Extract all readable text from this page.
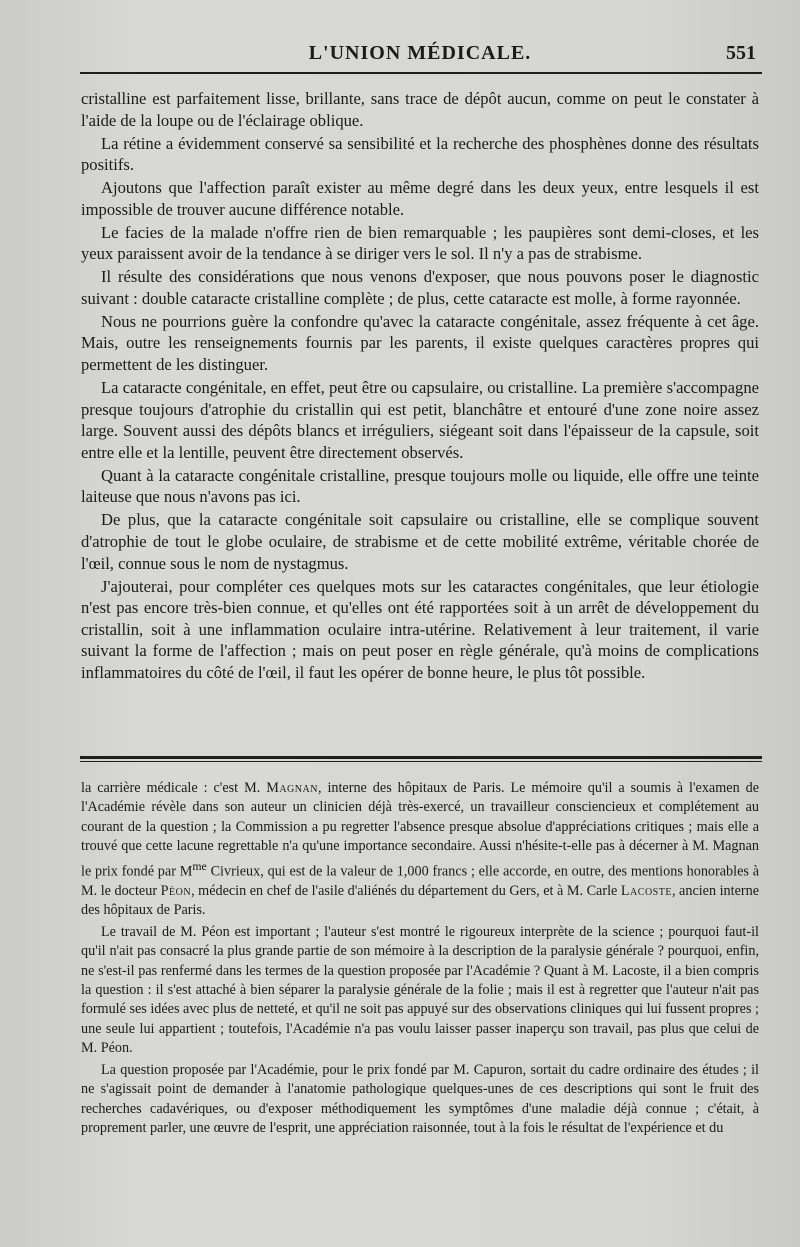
L'UNION MÉDICALE.	551

cristalline est parfaitement lisse, brillante, sans trace de dépôt aucun, comme on peut le constater à l'aide de la loupe ou de l'éclairage oblique.

La rétine a évidemment conservé sa sensibilité et la recherche des phosphènes donne des résultats positifs.

Ajoutons que l'affection paraît exister au même degré dans les deux yeux, entre lesquels il est impossible de trouver aucune différence notable.

Le facies de la malade n'offre rien de bien remarquable ; les paupières sont demi-closes, et les yeux paraissent avoir de la tendance à se diriger vers le sol. Il n'y a pas de strabisme.

Il résulte des considérations que nous venons d'exposer, que nous pouvons poser le diagnostic suivant : double cataracte cristalline complète ; de plus, cette cataracte est molle, à forme rayonnée.

Nous ne pourrions guère la confondre qu'avec la cataracte congénitale, assez fréquente à cet âge. Mais, outre les renseignements fournis par les parents, il existe quelques caractères propres qui permettent de les distinguer.

La cataracte congénitale, en effet, peut être ou capsulaire, ou cristalline. La première s'accompagne presque toujours d'atrophie du cristallin qui est petit, blanchâtre et entouré d'une zone noire assez large. Souvent aussi des dépôts blancs et irréguliers, siégeant soit dans l'épaisseur de la capsule, soit entre elle et la lentille, peuvent être directement observés.

Quant à la cataracte congénitale cristalline, presque toujours molle ou liquide, elle offre une teinte laiteuse que nous n'avons pas ici.

De plus, que la cataracte congénitale soit capsulaire ou cristalline, elle se complique souvent d'atrophie de tout le globe oculaire, de strabisme et de cette mobilité extrême, véritable chorée de l'œil, connue sous le nom de nystagmus.

J'ajouterai, pour compléter ces quelques mots sur les cataractes congénitales, que leur étiologie n'est pas encore très-bien connue, et qu'elles ont été rapportées soit à un arrêt de développement du cristallin, soit à une inflammation oculaire intra-utérine. Relativement à leur traitement, il varie suivant la forme de l'affection ; mais on peut poser en règle générale, qu'à moins de complications inflammatoires du côté de l'œil, il faut les opérer de bonne heure, le plus tôt possible.

la carrière médicale : c'est M. Magnan, interne des hôpitaux de Paris. Le mémoire qu'il a soumis à l'examen de l'Académie révèle dans son auteur un clinicien déjà très-exercé, un travailleur consciencieux et complétement au courant de la question ; la Commission a pu regretter l'absence presque absolue d'appréciations critiques ; mais elle a trouvé que cette lacune regrettable n'a qu'une importance secondaire. Aussi n'hésite-t-elle pas à décerner à M. Magnan le prix fondé par $M^{me}$ Civrieux, qui est de la valeur de 1,000 francs ; elle accorde, en outre, des mentions honorables à M. le docteur Péon, médecin en chef de l'asile d'aliénés du département du Gers, et à M. Carle Lacoste, ancien interne des hôpitaux de Paris.

Le travail de M. Péon est important ; l'auteur s'est montré le rigoureux interprète de la science ; pourquoi faut-il qu'il n'ait pas consacré la plus grande partie de son mémoire à la description de la paralysie générale ? pourquoi, enfin, ne s'est-il pas renfermé dans les termes de la question proposée par l'Académie ? Quant à M. Lacoste, il a bien compris la question : il s'est attaché à bien séparer la paralysie générale de la folie ; mais il est à regretter que l'auteur n'ait pas formulé ses idées avec plus de netteté, et qu'il ne soit pas appuyé sur des observations cliniques qui lui fussent propres ; une seule lui appartient ; toutefois, l'Académie n'a pas voulu laisser passer inaperçu son travail, pas plus que celui de M. Péon.

La question proposée par l'Académie, pour le prix fondé par M. Capuron, sortait du cadre ordinaire des études ; il ne s'agissait point de demander à l'anatomie pathologique quelques-unes de ces descriptions qui sont le fruit des recherches cadavériques, ou d'exposer méthodiquement les symptômes d'une maladie déjà connue ; c'était, à proprement parler, une œuvre de l'esprit, une appréciation raisonnée, tout à la fois le résultat de l'expérience et du
